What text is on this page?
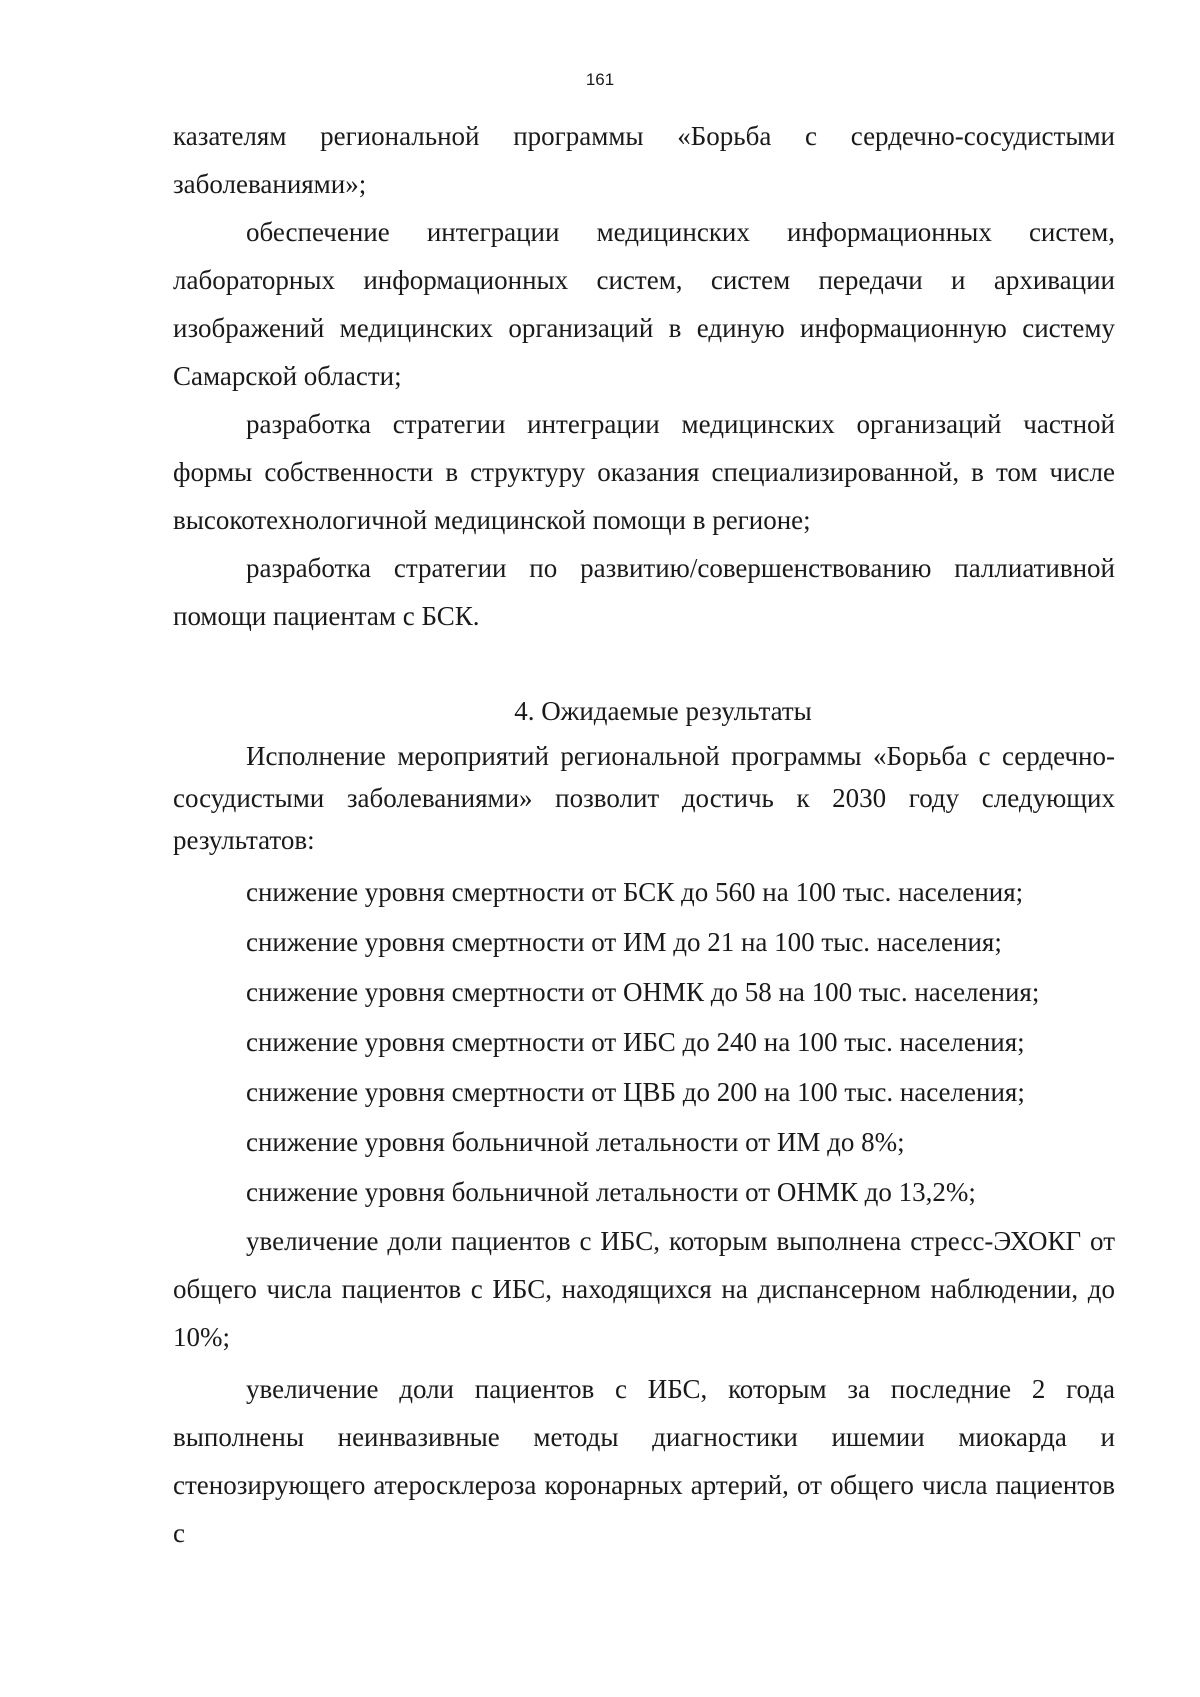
161

казателям региональной программы «Борьба с сердечно-сосудистыми заболеваниями»;

обеспечение интеграции медицинских информационных систем, лабораторных информационных систем, систем передачи и архивации изображений медицинских организаций в единую информационную систему Самарской области;

разработка стратегии интеграции медицинских организаций частной формы собственности в структуру оказания специализированной, в том числе высокотехнологичной медицинской помощи в регионе;

разработка стратегии по развитию/совершенствованию паллиативной помощи пациентам с БСК.

4. Ожидаемые результаты

Исполнение мероприятий региональной программы «Борьба с сердечно-сосудистыми заболеваниями» позволит достичь к 2030 году следующих результатов:

снижение уровня смертности от БСК до 560 на 100 тыс. населения;

снижение уровня смертности от ИМ до 21 на 100 тыс. населения;

снижение уровня смертности от ОНМК до 58 на 100 тыс. населения;

снижение уровня смертности от ИБС до 240 на 100 тыс. населения;

снижение уровня смертности от ЦВБ до 200 на 100 тыс. населения;

снижение уровня больничной летальности от ИМ до 8%;

снижение уровня больничной летальности от ОНМК до 13,2%;

увеличение доли пациентов с ИБС, которым выполнена стресс-ЭХОКГ от общего числа пациентов с ИБС, находящихся на диспансерном наблюдении, до 10%;

увеличение доли пациентов с ИБС, которым за последние 2 года выполнены неинвазивные методы диагностики ишемии миокарда и стенозирующего атеросклероза коронарных артерий, от общего числа пациентов с
